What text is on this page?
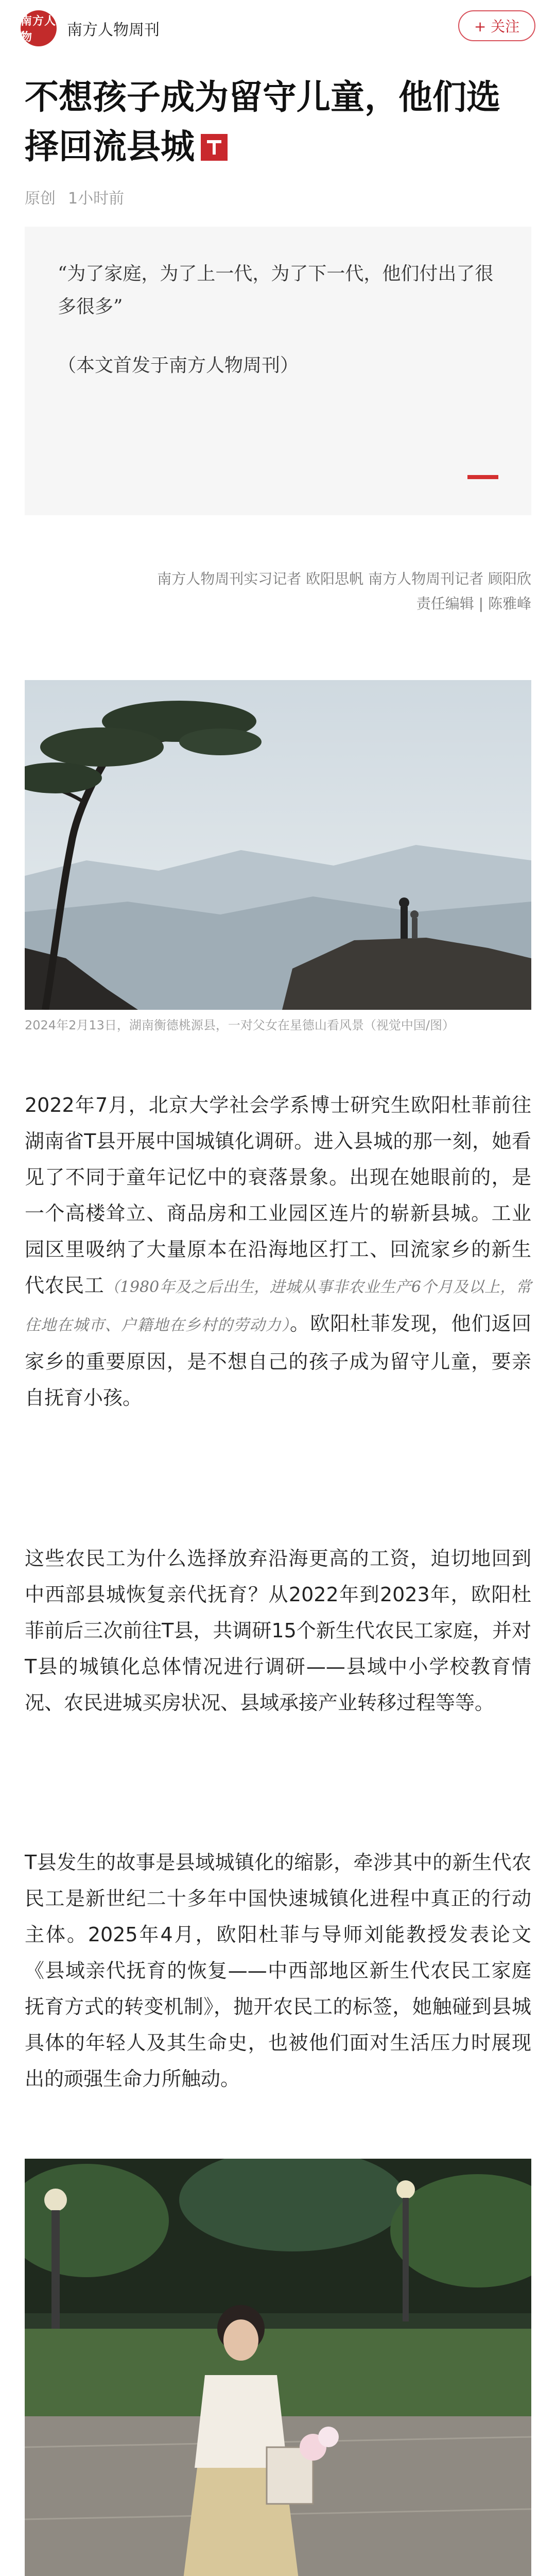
南方人物	南方人物周刊	+ 关注
不想孩子成为留守儿童，他们选择回流县城
原创 1小时前
“为了家庭，为了上一代，为了下一代，他们付出了很多很多”
（本文首发于南方人物周刊）
南方人物周刊实习记者 欧阳思帆 南方人物周刊记者 顾阳欣
责任编辑 | 陈雅峰
2024年2月13日，湖南衡德桃源县，一对父女在星德山看风景（视觉中国/图）

2022年7月，北京大学社会学系博士研究生欧阳杜菲前往湖南省T县开展中国城镇化调研。进入县城的那一刻，她看见了不同于童年记忆中的衰落景象。出现在她眼前的，是一个高楼耸立、商品房和工业园区连片的崭新县城。工业园区里吸纳了大量原本在沿海地区打工、回流家乡的新生代农民工（1980年及之后出生，进城从事非农业生产6个月及以上，常住地在城市、户籍地在乡村的劳动力）。欧阳杜菲发现，他们返回家乡的重要原因，是不想自己的孩子成为留守儿童，要亲自抚育小孩。

这些农民工为什么选择放弃沿海更高的工资，迫切地回到中西部县城恢复亲代抚育？从2022年到2023年，欧阳杜菲前后三次前往T县，共调研15个新生代农民工家庭，并对T县的城镇化总体情况进行调研——县域中小学校教育情况、农民进城买房状况、县域承接产业转移过程等等。

T县发生的故事是县域城镇化的缩影，牵涉其中的新生代农民工是新世纪二十多年中国快速城镇化进程中真正的行动主体。2025年4月，欧阳杜菲与导师刘能教授发表论文《县域亲代抚育的恢复——中西部地区新生代农民工家庭抚育方式的转变机制》，抛开农民工的标签，她触碰到县城具体的年轻人及其生命史，也被他们面对生活压力时展现出的顽强生命力所触动。
